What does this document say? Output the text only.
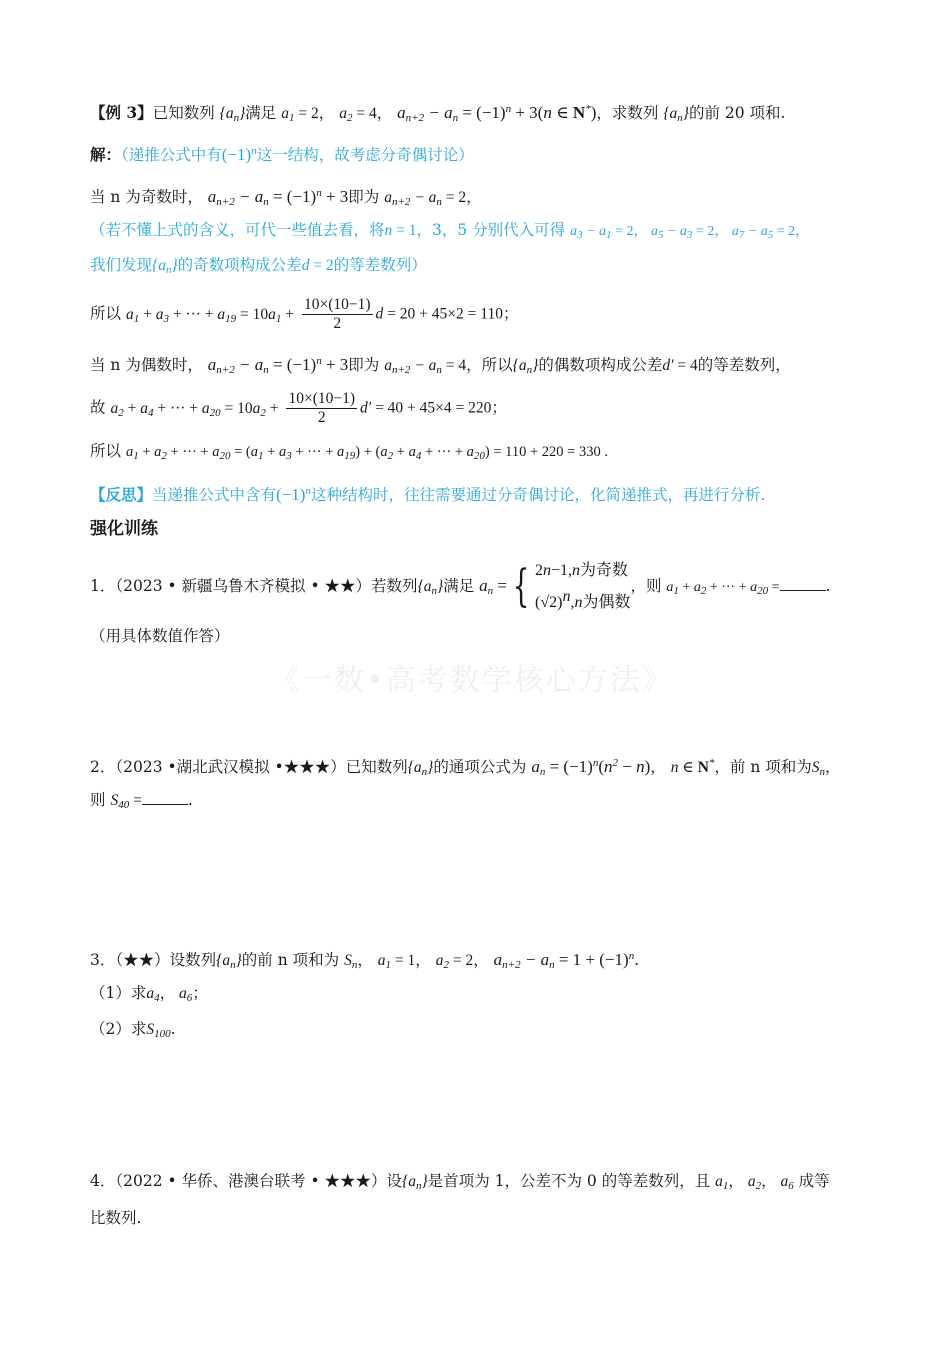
《一数•高考数学核心方法》
【例 3】已知数列 {an}满足 a1 = 2， a2 = 4， an+2 − an = $(-1)^n + 3(n$ ∈ N*)，求数列 {an}的前 20 项和.
解：（递推公式中有$(-1)^n$这一结构，故考虑分奇偶讨论）
当 n 为奇数时， an+2 − an = $(-1)^n + 3$即为 an+2 − an = 2，
（若不懂上式的含义，可代一些值去看，将n = 1，3，5 分别代入可得 $a_3 - a_1 = 2$， $a_5 - a_3 = 2$， $a_7 - a_5 = 2$，
我们发现{an}的奇数项构成公差d = 2的等差数列）
所以 a1 + a3 + ··· + $a19 = 10a1 + \frac{10\times(10-1)}{2}$ d = 20 + 45×2 = 110；
当 n 为偶数时， an+2 − an = $(-1)^n + 3$即为 an+2 − an = 4，所以{an}的偶数项构成公差d′ = 4的等差数列，
故 a2 + a4 + ··· + $a20 = 10a2 + \frac{10\times(10-1)}{2} d' = 40 + 45\times 4 = 220$；
所以 $a_1 + a_2$ + ··· + $a_{20} = (a_1 + a_3$ + ··· + $a_{19}) + (a_2 + a_4$ + ··· + $a_{20}) = 110 + 220 = 330$ .
【反思】当递推公式中含有$(-1)^n$这种结构时，往往需要通过分奇偶讨论，化简递推式，再进行分析.
强化训练
1．（2023 • 新疆乌鲁木齐模拟 • ★★）若数列{an}满足 an = { 2n−1,n为奇数
(√2)n,n为偶数
，则 $a_1 + a_2$ + ··· + $a_{20}$ =	.
（用具体数值作答）
2．（2023 •湖北武汉模拟 •★★★）已知数列{an}的通项公式为 an = $(-1)^n(n^2 - n)$， n ∈ N*，前 n 项和为Sn，
则 S40 =	.
3．（★★）设数列{an}的前 n 项和为 Sn， a1 = 1， a2 = 2， an+2 − an = $1 + (-1)^n$.
（1）求a4， a6；
（2）求S100.
4．（2022 • 华侨、港澳台联考 • ★★★）设{an}是首项为 1，公差不为 0 的等差数列，且 a1， a2， a6 成等
比数列.
